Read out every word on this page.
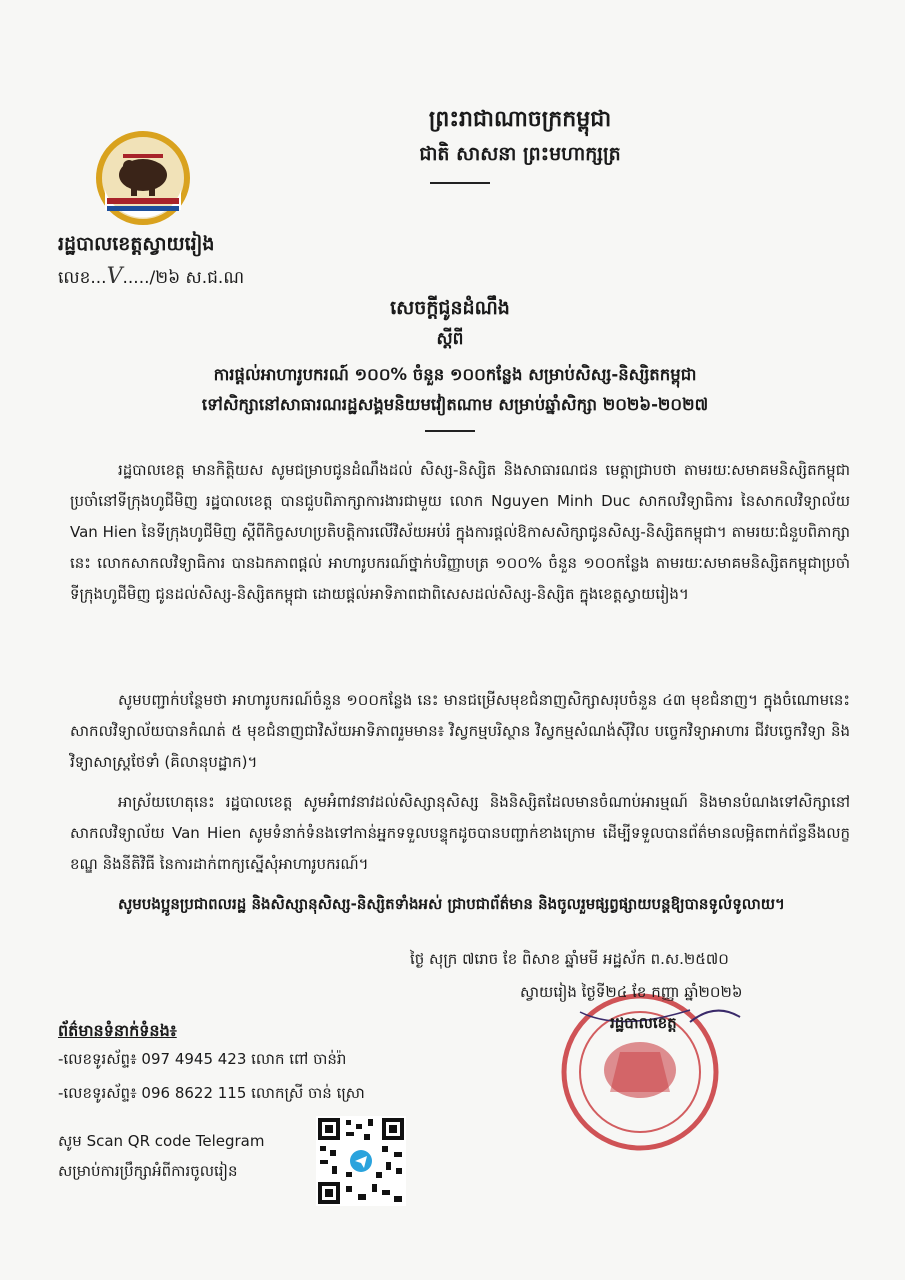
ព្រះរាជាណាចក្រកម្ពុជា
ជាតិ សាសនា ព្រះមហាក្សត្រ
រដ្ឋបាលខេត្តស្វាយរៀង
លេខ...V...../២៦ ស.ជ.ណ
សេចក្តីជូនដំណឹង
ស្តីពី
ការផ្តល់អាហារូបករណ៍ ១០០% ចំនួន ១០០កន្លែង សម្រាប់សិស្ស-និស្សិតកម្ពុជា
ទៅសិក្សានៅសាធារណរដ្ឋសង្គមនិយមវៀតណាម សម្រាប់ឆ្នាំសិក្សា ២០២៦-២០២៧
រដ្ឋបាលខេត្ត មានកិត្តិយស សូមជម្រាបជូនដំណឹងដល់ សិស្ស-និស្សិត និងសាធារណជន មេត្តាជ្រាបថា តាមរយៈសមាគមនិស្សិតកម្ពុជាប្រចាំនៅទីក្រុងហូជីមិញ រដ្ឋបាលខេត្ត បានជួបពិភាក្សាការងារជាមួយ លោក Nguyen Minh Duc សាកលវិទ្យាធិការ នៃសាកលវិទ្យាល័យ Van Hien នៃទីក្រុងហូជីមិញ ស្តីពីកិច្ចសហប្រតិបត្តិការលើវិស័យអប់រំ ក្នុងការផ្តល់ឱកាសសិក្សាជូនសិស្ស-និស្សិតកម្ពុជា។ តាមរយៈជំនួបពិភាក្សានេះ លោកសាកលវិទ្យាធិការ បានឯកភាពផ្តល់ អាហារូបករណ៍ថ្នាក់បរិញ្ញាបត្រ ១០០% ចំនួន ១០០កន្លែង តាមរយៈសមាគមនិស្សិតកម្ពុជាប្រចាំទីក្រុងហូជីមិញ ជូនដល់សិស្ស-និស្សិតកម្ពុជា ដោយផ្តល់អាទិភាពជាពិសេសដល់សិស្ស-និស្សិត ក្នុងខេត្តស្វាយរៀង។
សូមបញ្ជាក់បន្ថែមថា អាហារូបករណ៍ចំនួន ១០០កន្លែង នេះ មានជម្រើសមុខជំនាញសិក្សាសរុបចំនួន ៤៣ មុខជំនាញ។ ក្នុងចំណោមនេះ សាកលវិទ្យាល័យបានកំណត់ ៥ មុខជំនាញជាវិស័យអាទិភាពរួមមាន៖ វិស្វកម្មបរិស្ថាន វិស្វកម្មសំណង់ស៊ីវិល បច្ចេកវិទ្យាអាហារ ជីវបច្ចេកវិទ្យា និងវិទ្យាសាស្ត្រថែទាំ (គិលានុបដ្ឋាក)។
អាស្រ័យហេតុនេះ រដ្ឋបាលខេត្ត សូមអំពាវនាវដល់សិស្សានុសិស្ស និងនិស្សិតដែលមានចំណាប់អារម្មណ៍ និងមានបំណងទៅសិក្សានៅសាកលវិទ្យាល័យ Van Hien សូមទំនាក់ទំនងទៅកាន់អ្នកទទួលបន្ទុកដូចបានបញ្ជាក់ខាងក្រោម ដើម្បីទទួលបានព័ត៌មានលម្អិតពាក់ព័ន្ធនឹងលក្ខខណ្ឌ និងនីតិវិធី នៃការដាក់ពាក្យស្នើសុំអាហារូបករណ៍។
សូមបងប្អូនប្រជាពលរដ្ឋ និងសិស្សានុសិស្ស-និស្សិតទាំងអស់ ជ្រាបជាព័ត៌មាន និងចូលរួមផ្សព្វផ្សាយបន្តឱ្យបានទូលំទូលាយ។
ថ្ងៃ សុក្រ ៧រោច ខែ ពិសាខ ឆ្នាំមមី អដ្ឋស័ក ព.ស.២៥៧០
ស្វាយរៀង ថ្ងៃទី២៤ ខែ កញ្ញា ឆ្នាំ២០២៦
រដ្ឋបាលខេត្ត
ព័ត៌មានទំនាក់ទំនង៖
-លេខទូរស័ព្ទ៖ 097 4945 423 លោក ពៅ ចាន់រ៉ា
-លេខទូរស័ព្ទ៖ 096 8622 115 លោកស្រី ចាន់ ស្រោ
សូម Scan QR code Telegram
សម្រាប់ការប្រឹក្សាអំពីការចូលរៀន
